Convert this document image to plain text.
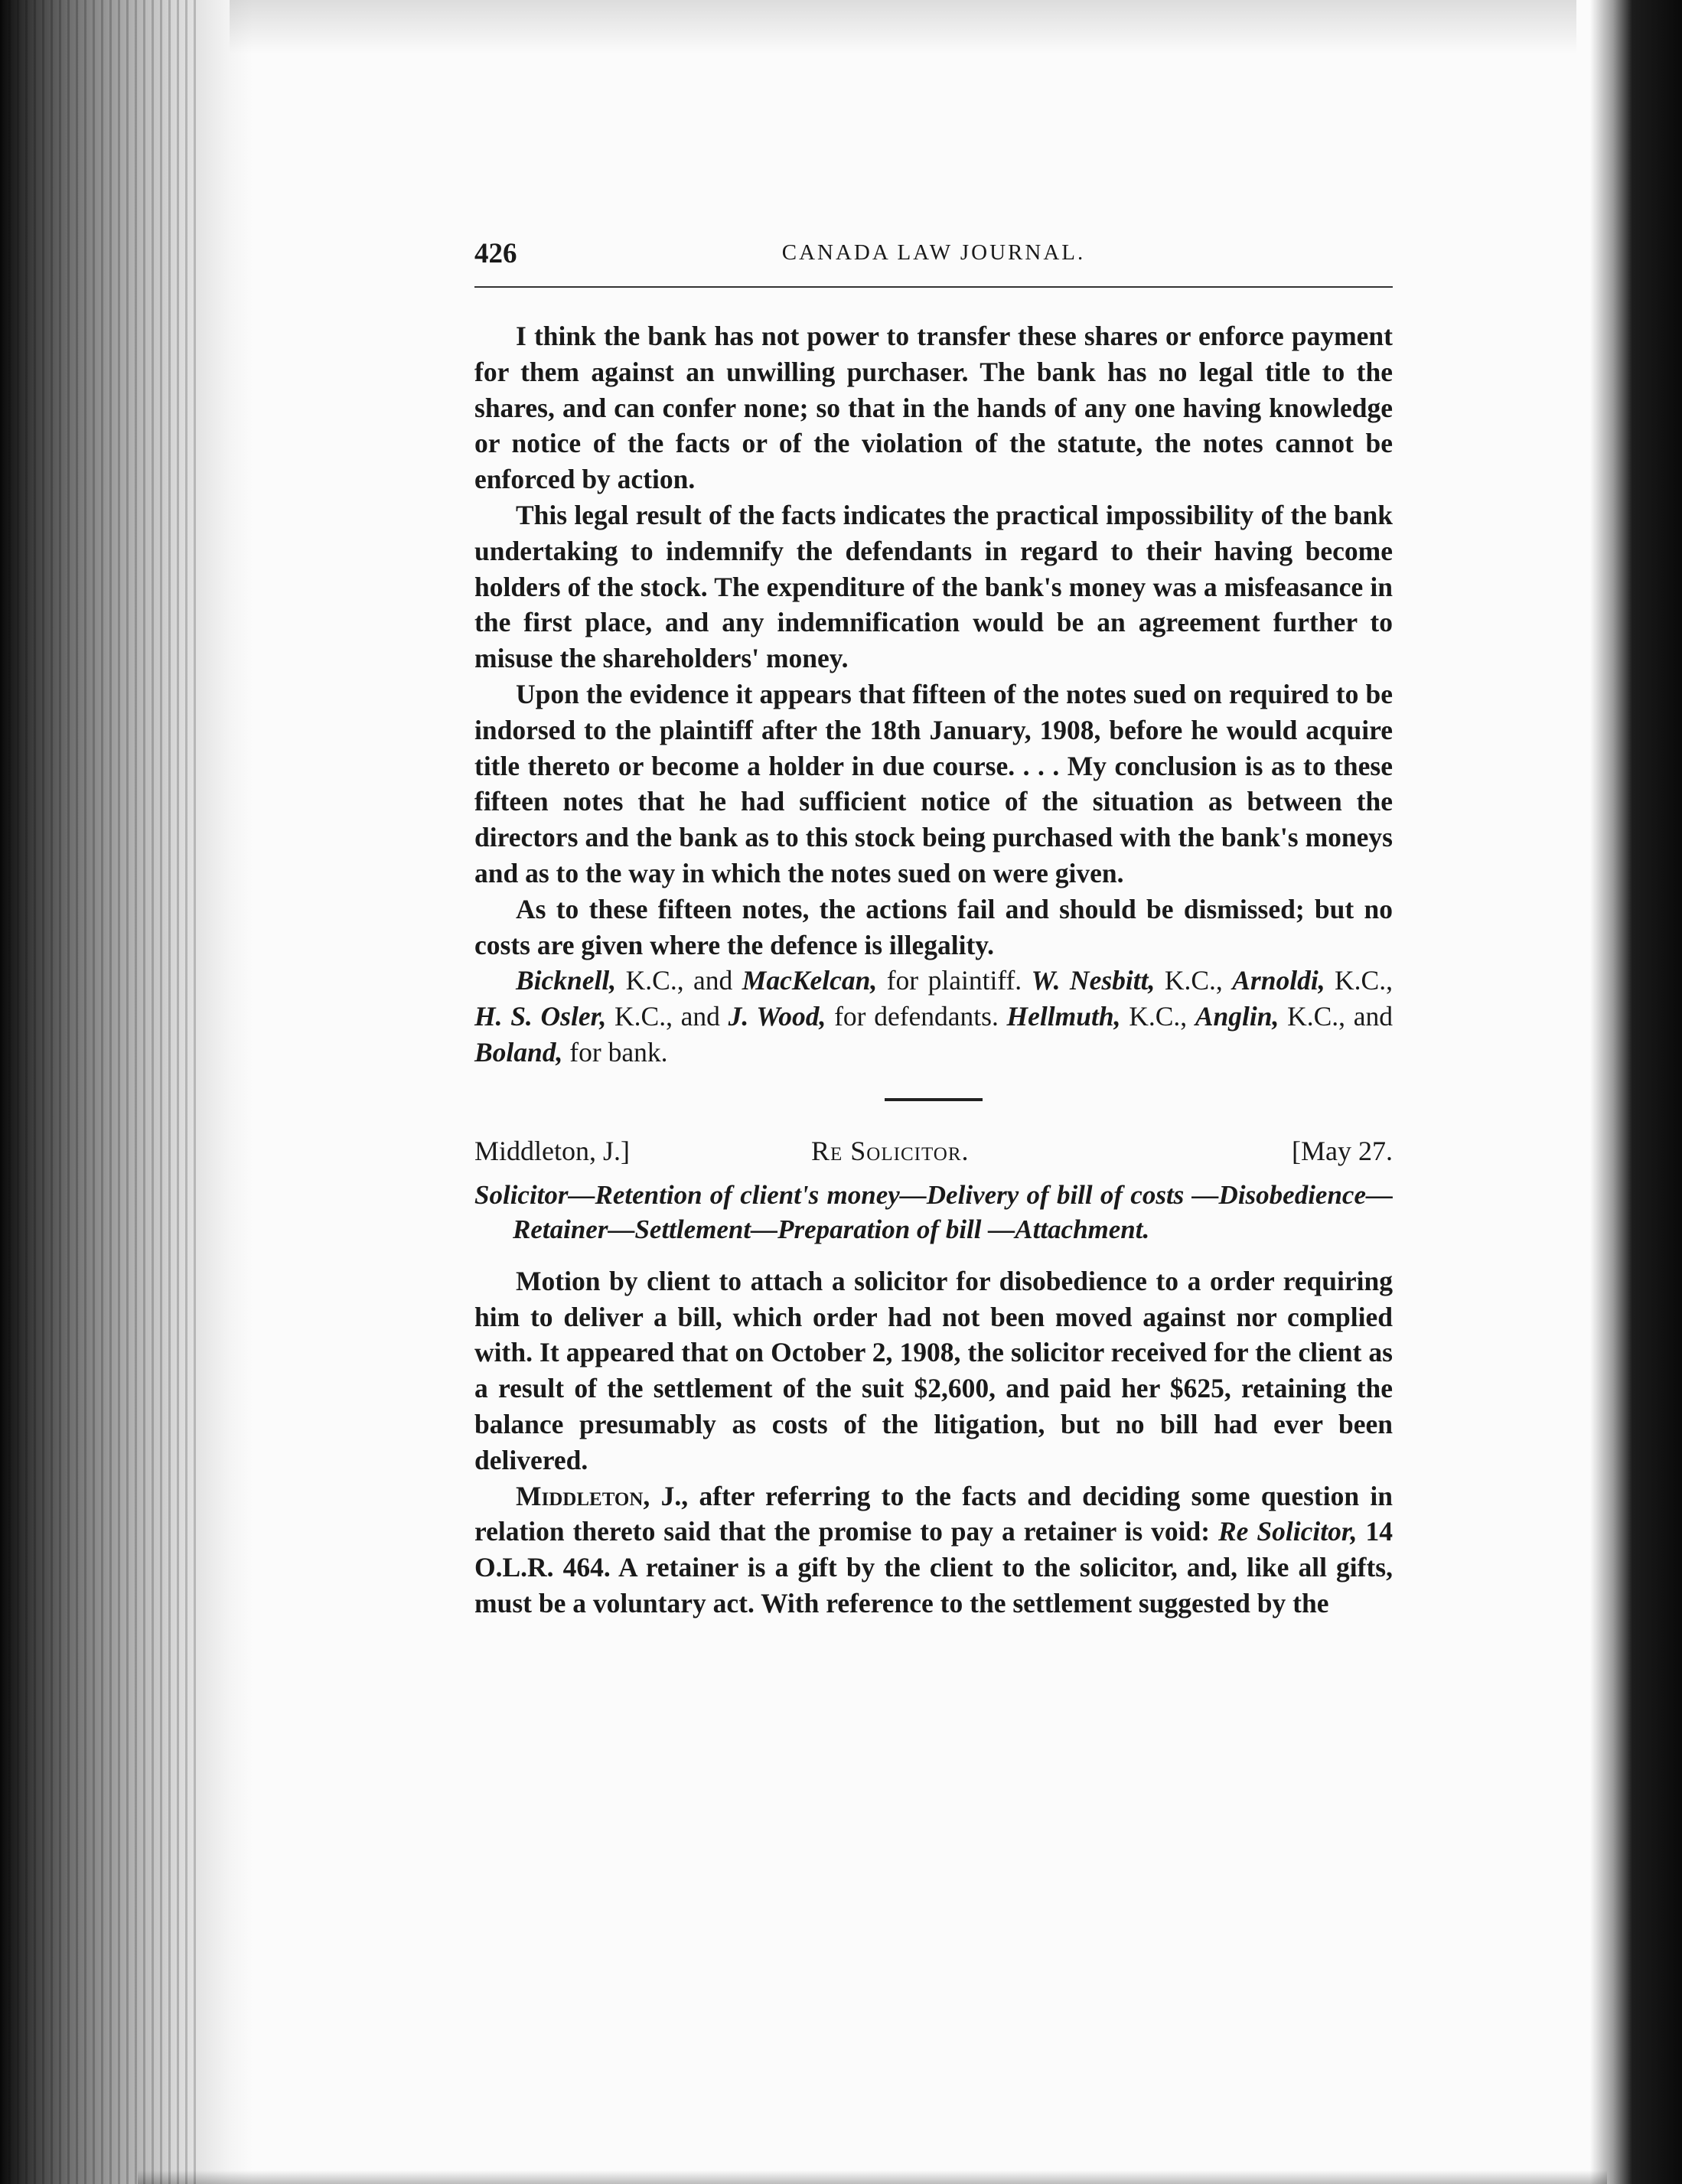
426	CANADA LAW JOURNAL.

I think the bank has not power to transfer these shares or enforce payment for them against an unwilling purchaser. The bank has no legal title to the shares, and can confer none; so that in the hands of any one having knowledge or notice of the facts or of the violation of the statute, the notes cannot be enforced by action.

This legal result of the facts indicates the practical impossibility of the bank undertaking to indemnify the defendants in regard to their having become holders of the stock. The expenditure of the bank's money was a misfeasance in the first place, and any indemnification would be an agreement further to misuse the shareholders' money.

Upon the evidence it appears that fifteen of the notes sued on required to be indorsed to the plaintiff after the 18th January, 1908, before he would acquire title thereto or become a holder in due course. . . . My conclusion is as to these fifteen notes that he had sufficient notice of the situation as between the directors and the bank as to this stock being purchased with the bank's moneys and as to the way in which the notes sued on were given.

As to these fifteen notes, the actions fail and should be dismissed; but no costs are given where the defence is illegality.

Bicknell, K.C., and MacKelcan, for plaintiff. W. Nesbitt, K.C., Arnoldi, K.C., H. S. Osler, K.C., and J. Wood, for defendants. Hellmuth, K.C., Anglin, K.C., and Boland, for bank.

Middleton, J.]	Re Solicitor.	[May 27.

Solicitor—Retention of client's money—Delivery of bill of costs —Disobedience—Retainer—Settlement—Preparation of bill —Attachment.

Motion by client to attach a solicitor for disobedience to a order requiring him to deliver a bill, which order had not been moved against nor complied with. It appeared that on October 2, 1908, the solicitor received for the client as a result of the settlement of the suit $2,600, and paid her $625, retaining the balance presumably as costs of the litigation, but no bill had ever been delivered.

Middleton, J., after referring to the facts and deciding some question in relation thereto said that the promise to pay a retainer is void: Re Solicitor, 14 O.L.R. 464. A retainer is a gift by the client to the solicitor, and, like all gifts, must be a voluntary act. With reference to the settlement suggested by the
